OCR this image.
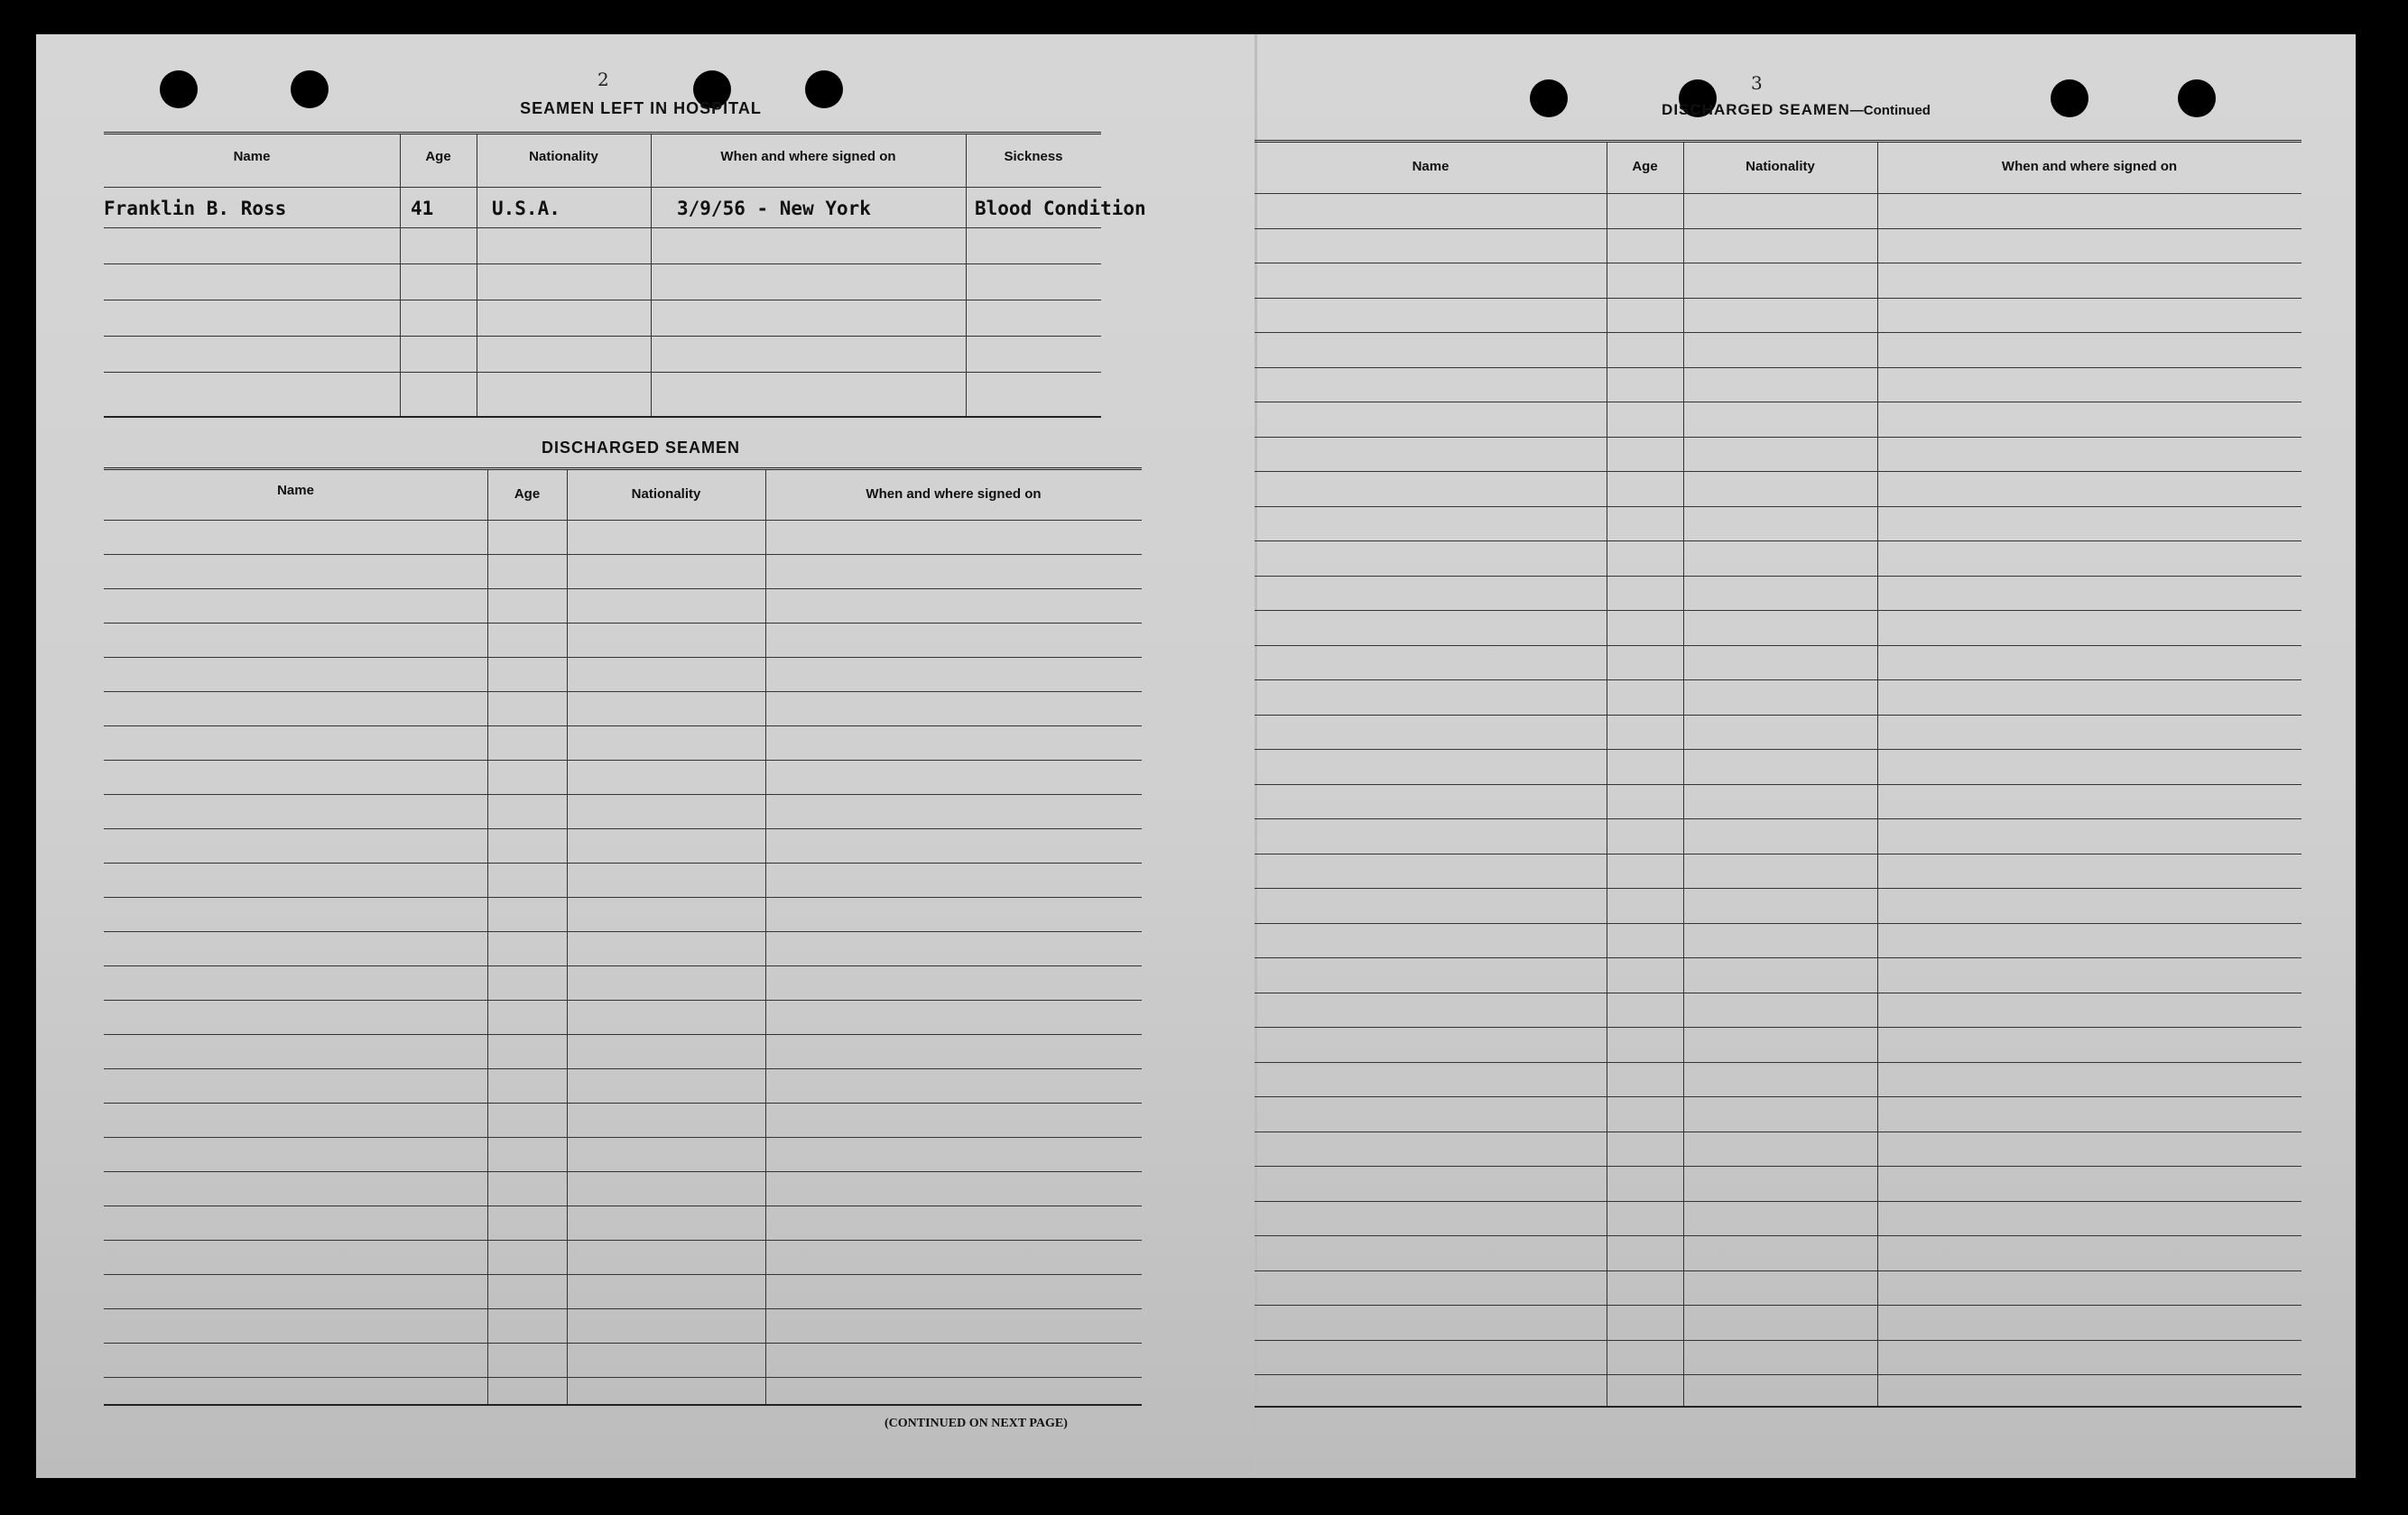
2
SEAMEN LEFT IN HOSPITAL
Name	Age	Nationality	When and where signed on	Sickness
Franklin B. Ross	41	U.S.A.	3/9/56 - New York	Blood Condition
DISCHARGED SEAMEN
Name	Age	Nationality	When and where signed on
(CONTINUED ON NEXT PAGE)
3
DISCHARGED SEAMEN—Continued
Name	Age	Nationality	When and where signed on
